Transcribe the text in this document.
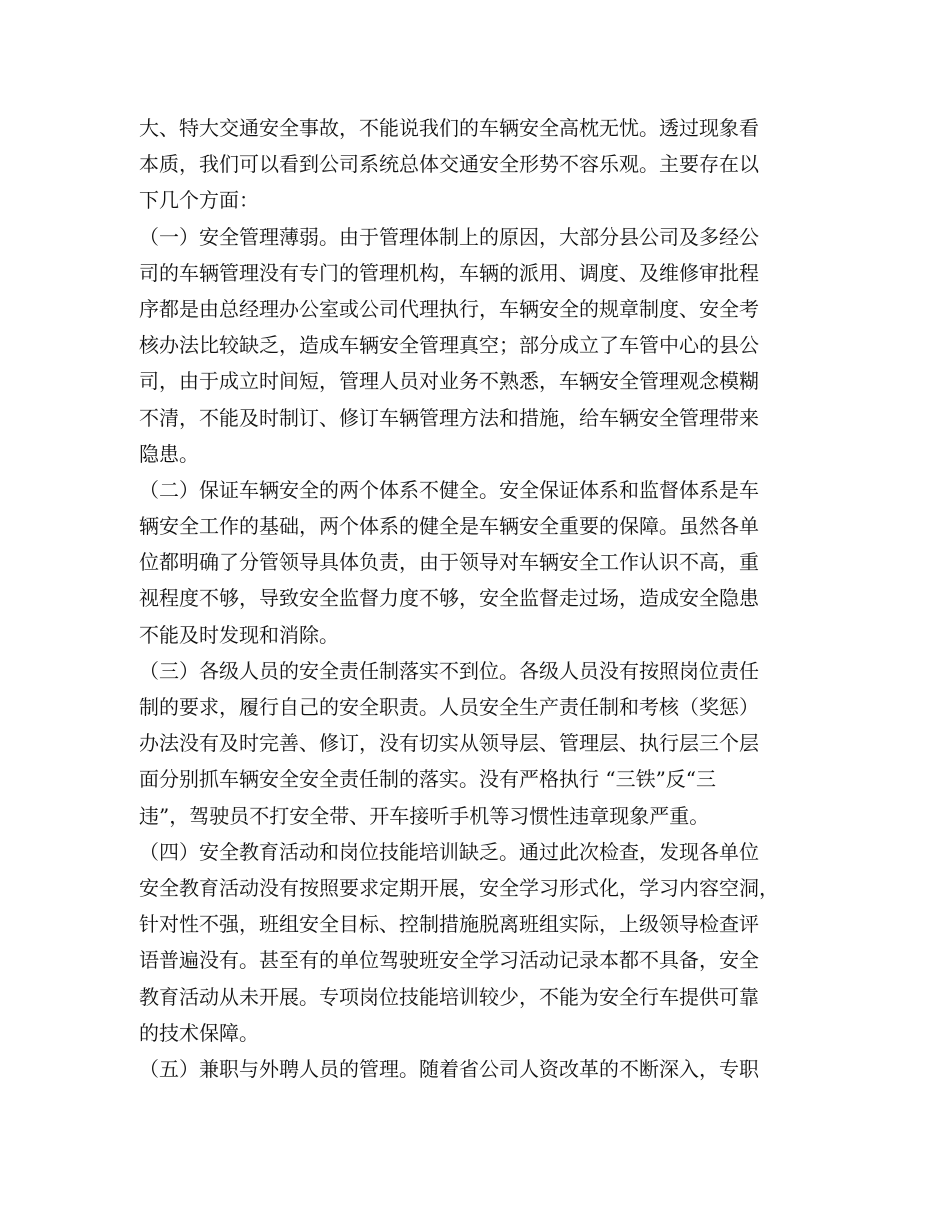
大、特大交通安全事故，不能说我们的车辆安全高枕无忧。透过现象看
本质，我们可以看到公司系统总体交通安全形势不容乐观。主要存在以
下几个方面：
（一）安全管理薄弱。由于管理体制上的原因，大部分县公司及多经公
司的车辆管理没有专门的管理机构，车辆的派用、调度、及维修审批程
序都是由总经理办公室或公司代理执行，车辆安全的规章制度、安全考
核办法比较缺乏，造成车辆安全管理真空；部分成立了车管中心的县公
司，由于成立时间短，管理人员对业务不熟悉，车辆安全管理观念模糊
不清，不能及时制订、修订车辆管理方法和措施，给车辆安全管理带来
隐患。
（二）保证车辆安全的两个体系不健全。安全保证体系和监督体系是车
辆安全工作的基础，两个体系的健全是车辆安全重要的保障。虽然各单
位都明确了分管领导具体负责，由于领导对车辆安全工作认识不高，重
视程度不够，导致安全监督力度不够，安全监督走过场，造成安全隐患
不能及时发现和消除。
（三）各级人员的安全责任制落实不到位。各级人员没有按照岗位责任
制的要求，履行自己的安全职责。人员安全生产责任制和考核（奖惩）
办法没有及时完善、修订，没有切实从领导层、管理层、执行层三个层
面分别抓车辆安全安全责任制的落实。没有严格执行 “三铁”反“三
违”，驾驶员不打安全带、开车接听手机等习惯性违章现象严重。
（四）安全教育活动和岗位技能培训缺乏。通过此次检查，发现各单位
安全教育活动没有按照要求定期开展，安全学习形式化，学习内容空洞，
针对性不强，班组安全目标、控制措施脱离班组实际，上级领导检查评
语普遍没有。甚至有的单位驾驶班安全学习活动记录本都不具备，安全
教育活动从未开展。专项岗位技能培训较少，不能为安全行车提供可靠
的技术保障。
（五）兼职与外聘人员的管理。随着省公司人资改革的不断深入，专职
